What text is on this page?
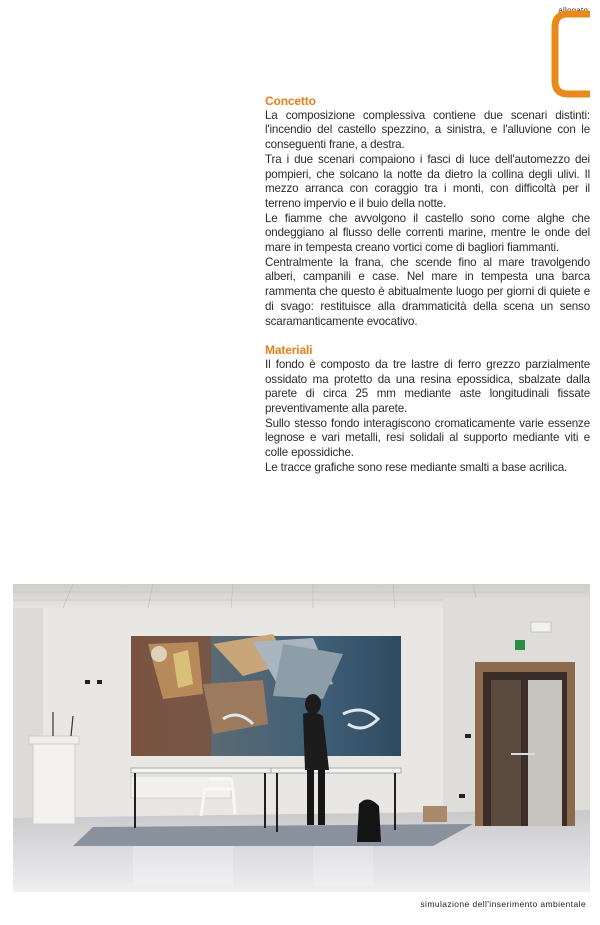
allegato
Concetto

La composizione complessiva contiene due scenari distinti: l'incendio del castello spezzino, a sinistra, e l'alluvione con le conseguenti frane, a destra.

Tra i due scenari compaiono i fasci di luce dell'automezzo dei pompieri, che solcano la notte da dietro la collina degli ulivi. Il mezzo arranca con coraggio tra i monti, con difficoltà per il terreno impervio e il buio della notte.

Le fiamme che avvolgono il castello sono come alghe che ondeggiano al flusso delle correnti marine, mentre le onde del mare in tempesta creano vortici come di bagliori fiammanti.

Centralmente la frana, che scende fino al mare travolgendo alberi, campanili e case. Nel mare in tempesta una barca rammenta che questo è abitualmente luogo per giorni di quiete e di svago: restituisce alla drammaticità della scena un senso scaramanticamente evocativo.

Materiali

Il fondo è composto da tre lastre di ferro grezzo parzialmente ossidato ma protetto da una resina epossidica, sbalzate dalla parete di circa 25 mm mediante aste longitudinali fissate preventivamente alla parete.

Sullo stesso fondo interagiscono cromaticamente varie essenze legnose e vari metalli, resi solidali al supporto mediante viti e colle epossidiche.

Le tracce grafiche sono rese mediante smalti a base acrilica.

simulazione dell'inserimento ambientale
